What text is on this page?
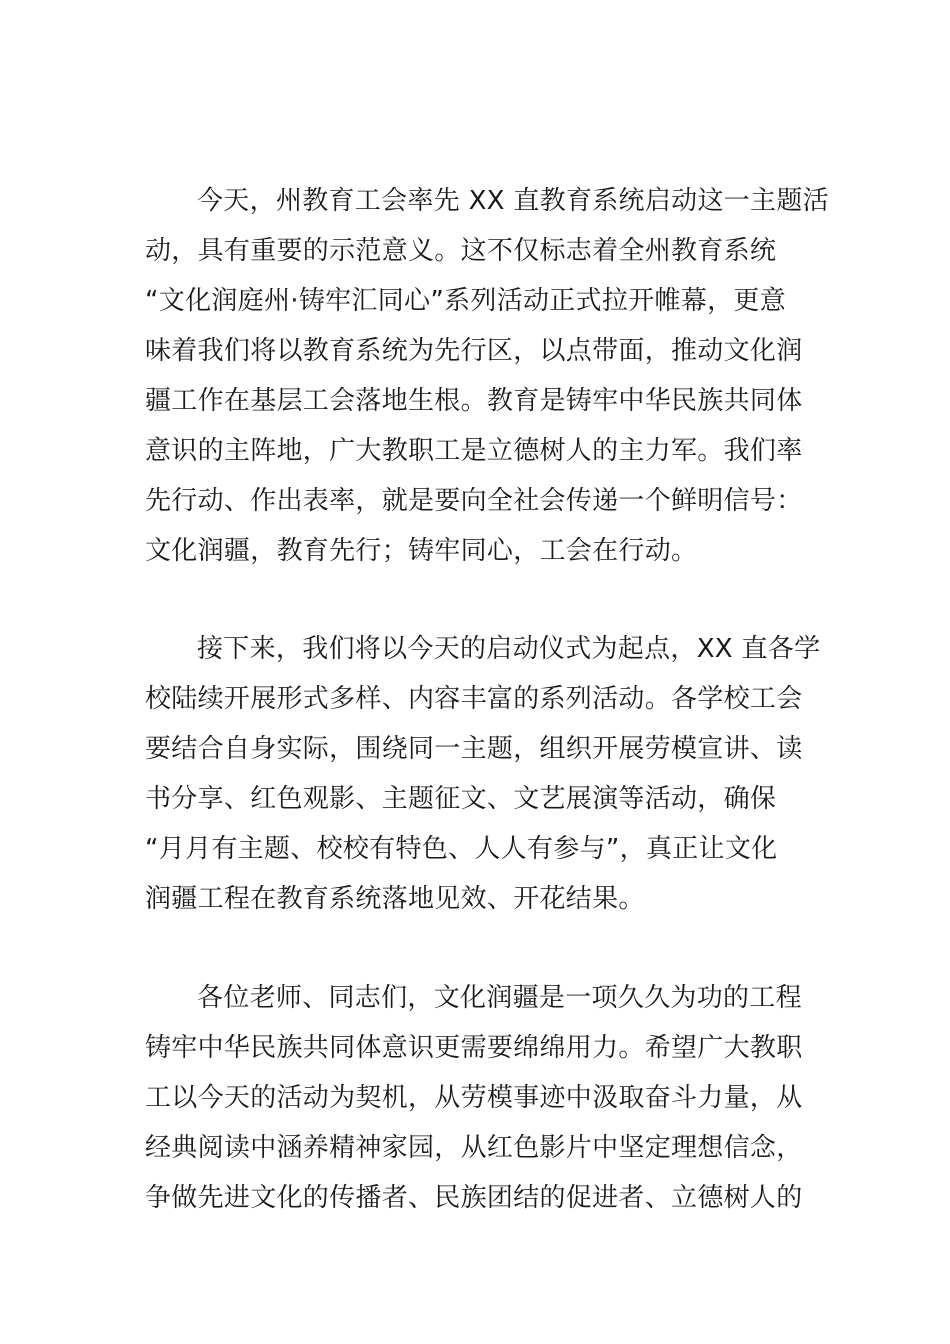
今天，州教育工会率先 XX 直教育系统启动这一主题活
动，具有重要的示范意义。这不仅标志着全州教育系统
“文化润庭州·铸牢汇同心”系列活动正式拉开帷幕，更意
味着我们将以教育系统为先行区，以点带面，推动文化润
疆工作在基层工会落地生根。教育是铸牢中华民族共同体
意识的主阵地，广大教职工是立德树人的主力军。我们率
先行动、作出表率，就是要向全社会传递一个鲜明信号：
文化润疆，教育先行；铸牢同心，工会在行动。
接下来，我们将以今天的启动仪式为起点，XX 直各学
校陆续开展形式多样、内容丰富的系列活动。各学校工会
要结合自身实际，围绕同一主题，组织开展劳模宣讲、读
书分享、红色观影、主题征文、文艺展演等活动，确保
“月月有主题、校校有特色、人人有参与”，真正让文化
润疆工程在教育系统落地见效、开花结果。
各位老师、同志们，文化润疆是一项久久为功的工程
铸牢中华民族共同体意识更需要绵绵用力。希望广大教职
工以今天的活动为契机，从劳模事迹中汲取奋斗力量，从
经典阅读中涵养精神家园，从红色影片中坚定理想信念，
争做先进文化的传播者、民族团结的促进者、立德树人的
